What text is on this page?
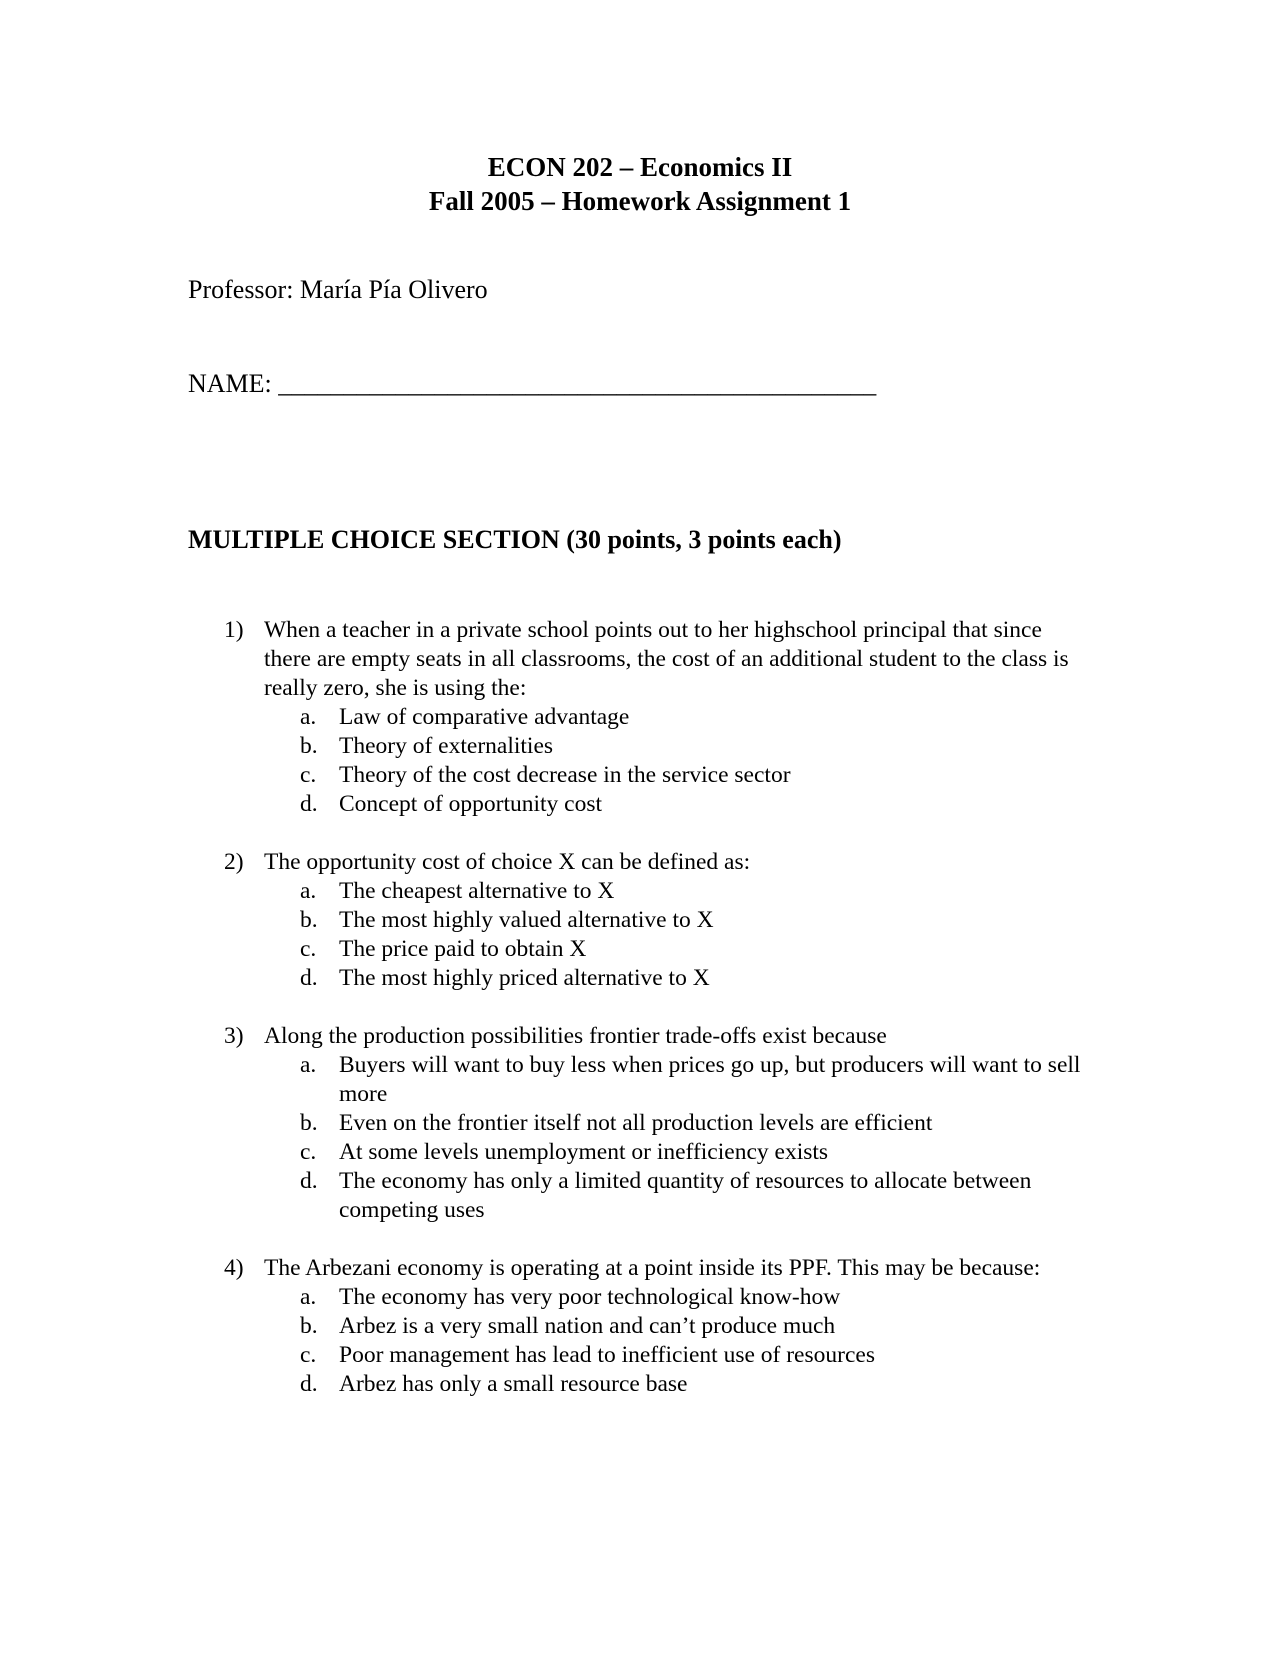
ECON 202 – Economics II
Fall 2005 – Homework Assignment 1
Professor: María Pía Olivero
NAME: ______________________________________________
MULTIPLE CHOICE SECTION (30 points, 3 points each)
1) When a teacher in a private school points out to her highschool principal that since there are empty seats in all classrooms, the cost of an additional student to the class is really zero, she is using the:
a. Law of comparative advantage
b. Theory of externalities
c. Theory of the cost decrease in the service sector
d. Concept of opportunity cost
2) The opportunity cost of choice X can be defined as:
a. The cheapest alternative to X
b. The most highly valued alternative to X
c. The price paid to obtain X
d. The most highly priced alternative to X
3) Along the production possibilities frontier trade-offs exist because
a. Buyers will want to buy less when prices go up, but producers will want to sell more
b. Even on the frontier itself not all production levels are efficient
c. At some levels unemployment or inefficiency exists
d. The economy has only a limited quantity of resources to allocate between competing uses
4) The Arbezani economy is operating at a point inside its PPF. This may be because:
a. The economy has very poor technological know-how
b. Arbez is a very small nation and can’t produce much
c. Poor management has lead to inefficient use of resources
d. Arbez has only a small resource base
